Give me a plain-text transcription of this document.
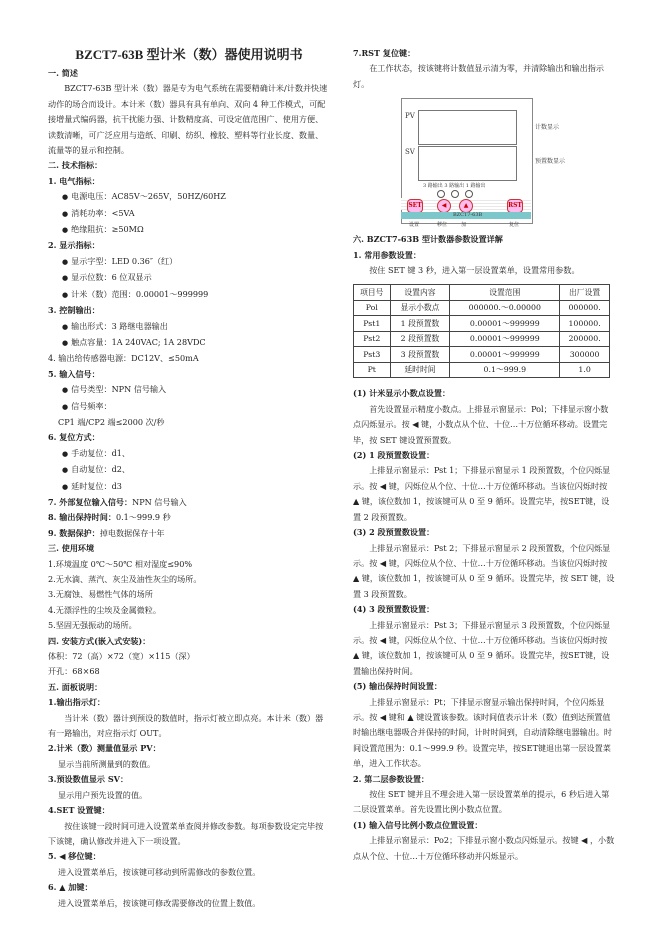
BZCT7-63B 型计米（数）器使用说明书

一. 简述

BZCT7-63B 型计米（数）器是专为电气系统在需要精确计米/计数并快速动作的场合而设计。本计米（数）器具有具有单向、双向 4 种工作模式，可配接增量式编码器，抗干扰能力强、计数精度高、可设定值范围广、使用方便、读数清晰，可广泛应用与造纸、印刷、纺织、橡胶、塑料等行业长度、数量、流量等的显示和控制。

二. 技术指标：

1. 电气指标：

● 电源电压：AC85V～265V，50HZ/60HZ

● 消耗功率：<5VA

● 绝缘阻抗：≥50MΩ

2. 显示指标：

● 显示字型：LED 0.36″（红）

● 显示位数：6 位双显示

● 计米（数）范围：0.00001～999999

3. 控制输出：

● 输出形式：3 路继电器输出

● 触点容量：1A 240VAC; 1A 28VDC

4. 输出给传感器电源：DC12V、≤50mA

5. 输入信号：

● 信号类型：NPN 信号输入

● 信号频率：

CP1 端/CP2 端≤2000 次/秒

6. 复位方式：

● 手动复位：d1、

● 自动复位：d2、

● 延时复位：d3

7. 外部复位输入信号：NPN 信号输入

8. 输出保持时间：0.1～999.9 秒

9. 数据保护：掉电数据保存十年

三. 使用环境

1.环境温度 0℃～50℃ 相对湿度≤90%

2.无水滴、蒸汽、灰尘及油性灰尘的场所。

3.无腐蚀、易燃性气体的场所

4.无漂浮性的尘埃及金属微粒。

5.坚固无强振动的场所。

四. 安装方式(嵌入式安装)：

体积：72（高）×72（宽）×115（深）

开孔：68×68

五. 面板说明：

1.输出指示灯：

当计米（数）器计到预设的数值时，指示灯被立即点亮。本计米（数）器有一路输出，对应指示灯 OUT。

2.计米（数）测量值显示 PV：

显示当前所测量到的数值。

3.预设数值显示 SV：

显示用户预先设置的值。

4.SET 设置键：

按住该键一段时间可进入设置菜单查阅并修改参数。每项参数设定完毕按下该键，确认修改并进入下一项设置。

5. ◀ 移位键：

进入设置菜单后，按该键可移动到所需修改的参数位置。

6. ▲ 加键：

进入设置菜单后，按该键可修改需要修改的位置上数值。

7.RST 复位键：

在工作状态，按该键将计数值显示清为零，并清除输出和输出指示灯。

PV
SV
计数显示
预置数显示
3 路输出 3 路输出 1 路输出
SET	◀	▲	RST
BZCT7-63B
设置	移位	加	复位

六. BZCT7-63B 型计数器参数设置详解

1. 常用参数设置：

按住 SET 键 3 秒，进入第一层设置菜单，设置常用参数。

项目号	设置内容	设置范围	出厂设置
Pol	显示小数点	000000.～0.00000	000000.
Pst1	1 段预置数	0.00001～999999	100000.
Pst2	2 段预置数	0.00001～999999	200000.
Pst3	3 段预置数	0.00001～999999	300000
Pt	延时时间	0.1～999.9	1.0

(1) 计米显示小数点设置：

首先设置显示精度小数点。上排显示窗显示：Pol；下排显示窗小数点闪烁显示。按 ◀ 键，小数点从个位、十位…十万位循环移动。设置完毕，按 SET 键设置预置数。

(2) 1 段预置数设置：

上排显示窗显示：Pst 1；下排显示窗显示 1 段预置数，个位闪烁显示。按 ◀ 键，闪烁位从个位、十位…十万位循环移动。当该位闪烁时按 ▲ 键，该位数加 1，按该键可从 0 至 9 循环。设置完毕，按SET键，设置 2 段预置数。

(3) 2 段预置数设置：

上排显示窗显示：Pst 2；下排显示窗显示 2 段预置数，个位闪烁显示。按 ◀ 键，闪烁位从个位、十位…十万位循环移动。当该位闪烁时按 ▲ 键，该位数加 1，按该键可从 0 至 9 循环。设置完毕，按 SET 键，设置 3 段预置数。

(4) 3 段预置数设置：

上排显示窗显示：Pst 3；下排显示窗显示 3 段预置数，个位闪烁显示。按 ◀ 键，闪烁位从个位、十位…十万位循环移动。当该位闪烁时按 ▲ 键，该位数加 1，按该键可从 0 至 9 循环。设置完毕，按SET键，设置输出保持时间。

(5) 输出保持时间设置：

上排显示窗显示：Pt；下排显示窗显示输出保持时间，个位闪烁显示。按 ◀ 键和 ▲ 键设置该参数。该时间值表示计米（数）值到达预置值时输出继电器吸合并保持的时间，计时时间到，自动清除继电器输出。时间设置范围为：0.1～999.9 秒。设置完毕，按SET键退出第一层设置菜单，进入工作状态。

2. 第二层参数设置：

按住 SET 键并且不理会进入第一层设置菜单的提示，6 秒后进入第二层设置菜单。首先设置比例小数点位置。

(1) 输入信号比例小数点位置设置：

上排显示窗显示：Po2；下排显示窗小数点闪烁显示。按键 ◀ ，小数点从个位、十位…十万位循环移动并闪烁显示。
